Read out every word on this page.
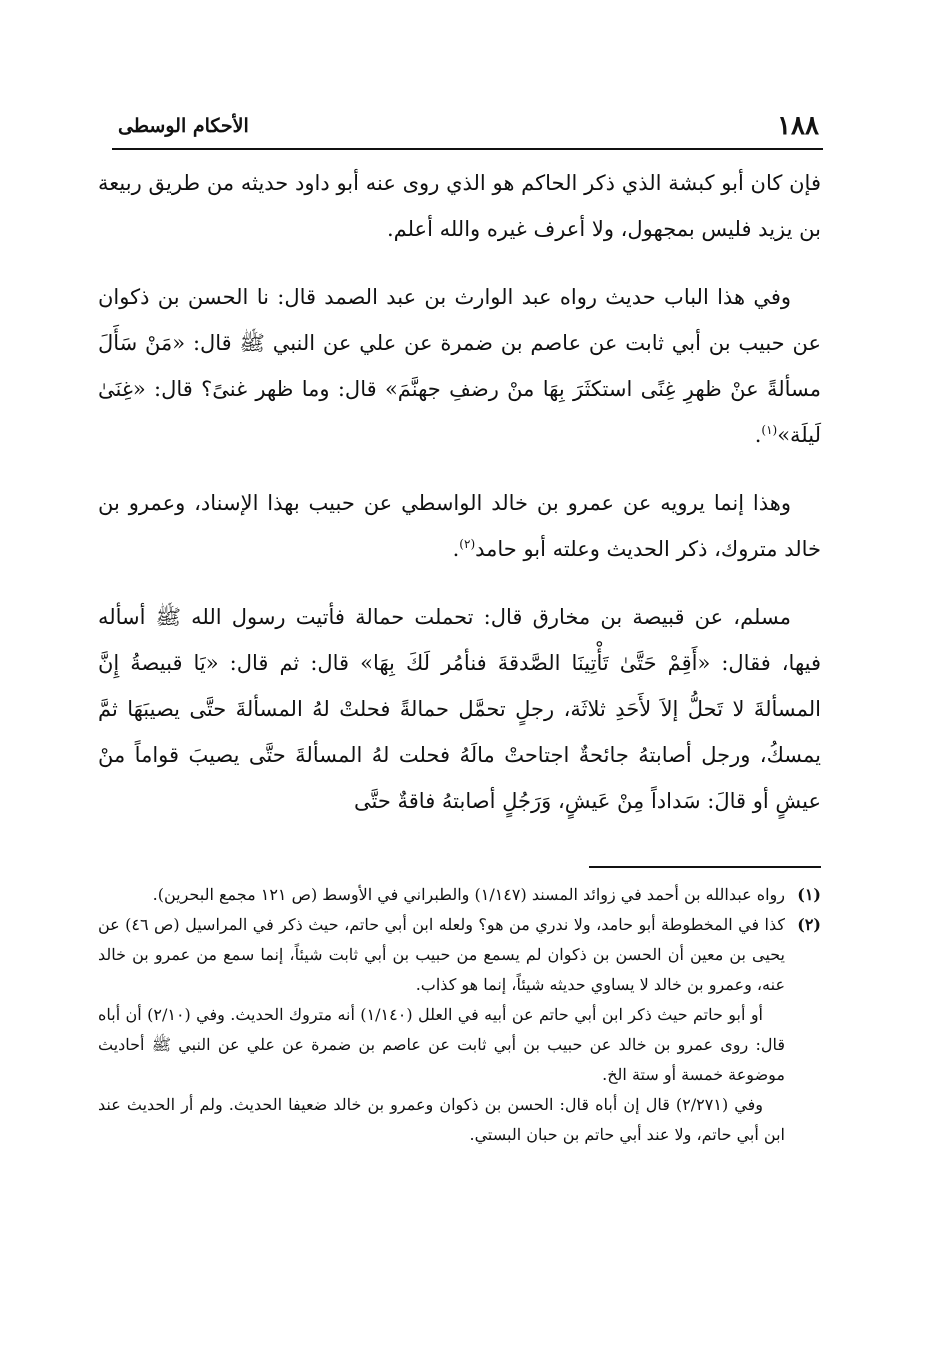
١٨٨
الأحكام الوسطى

فإن كان أبو كبشة الذي ذكر الحاكم هو الذي روى عنه أبو داود حديثه من طريق ربيعة بن يزيد فليس بمجهول، ولا أعرف غيره والله أعلم.

وفي هذا الباب حديث رواه عبد الوارث بن عبد الصمد قال: نا الحسن بن ذكوان عن حبيب بن أبي ثابت عن عاصم بن ضمرة عن علي عن النبي ﷺ قال: «مَنْ سَأَلَ مسألةً عنْ ظهرِ غِنًى استكثَرَ بِهَا منْ رضفِ جهنَّمَ» قال: وما ظهر غنىً؟ قال: «غِنَىٰ لَيلَة»$^{(١)}$.

وهذا إنما يرويه عن عمرو بن خالد الواسطي عن حبيب بهذا الإسناد، وعمرو بن خالد متروك، ذكر الحديث وعلته أبو حامد$^{(٢)}$.

مسلم، عن قبيصة بن مخارق قال: تحملت حمالة فأتيت رسول الله ﷺ أسأله فيها، فقال: «أَقِمْ حَتَّىٰ تَأْتِينَا الصَّدقةَ فنأمُر لَكَ بِهَا» قال: ثم قال: «يَا قبيصةُ إِنَّ المسألةَ لا تَحلُّ إلاَ لأَحَدِ ثلاثَة، رجلٍ تحمَّل حمالةً فحلتْ لهُ المسألةَ حتَّى يصيبَهَا ثمَّ يمسكُ، ورجل أصابتهُ جائحةٌ اجتاحتْ مالَهُ فحلت لهُ المسألةَ حتَّى يصيبَ قواماً منْ عيشٍ أو قالَ: سَداداً مِنْ عَيشٍ، وَرَجُلٍ أصابتهُ فاقةٌ حتَّى

(١)
رواه عبدالله بن أحمد في زوائد المسند (١/١٤٧) والطبراني في الأوسط (ص ١٢١ مجمع البحرين).
(٢)

كذا في المخطوطة أبو حامد، ولا ندري من هو؟ ولعله ابن أبي حاتم، حيث ذكر في المراسيل (ص ٤٦) عن يحيى بن معين أن الحسن بن ذكوان لم يسمع من حبيب بن أبي ثابت شيئاً، إنما سمع من عمرو بن خالد عنه، وعمرو بن خالد لا يساوي حديثه شيئاً، إنما هو كذاب.

أو أبو حاتم حيث ذكر ابن أبي حاتم عن أبيه في العلل (١/١٤٠) أنه متروك الحديث. وفي (٢/١٠) أن أباه قال: روى عمرو بن خالد عن حبيب بن أبي ثابت عن عاصم بن ضمرة عن علي عن النبي ﷺ أحاديث موضوعة خمسة أو ستة الخ.

وفي (٢/٢٧١) قال إن أباه قال: الحسن بن ذكوان وعمرو بن خالد ضعيفا الحديث. ولم أر الحديث عند ابن أبي حاتم، ولا عند أبي حاتم بن حبان البستي.
